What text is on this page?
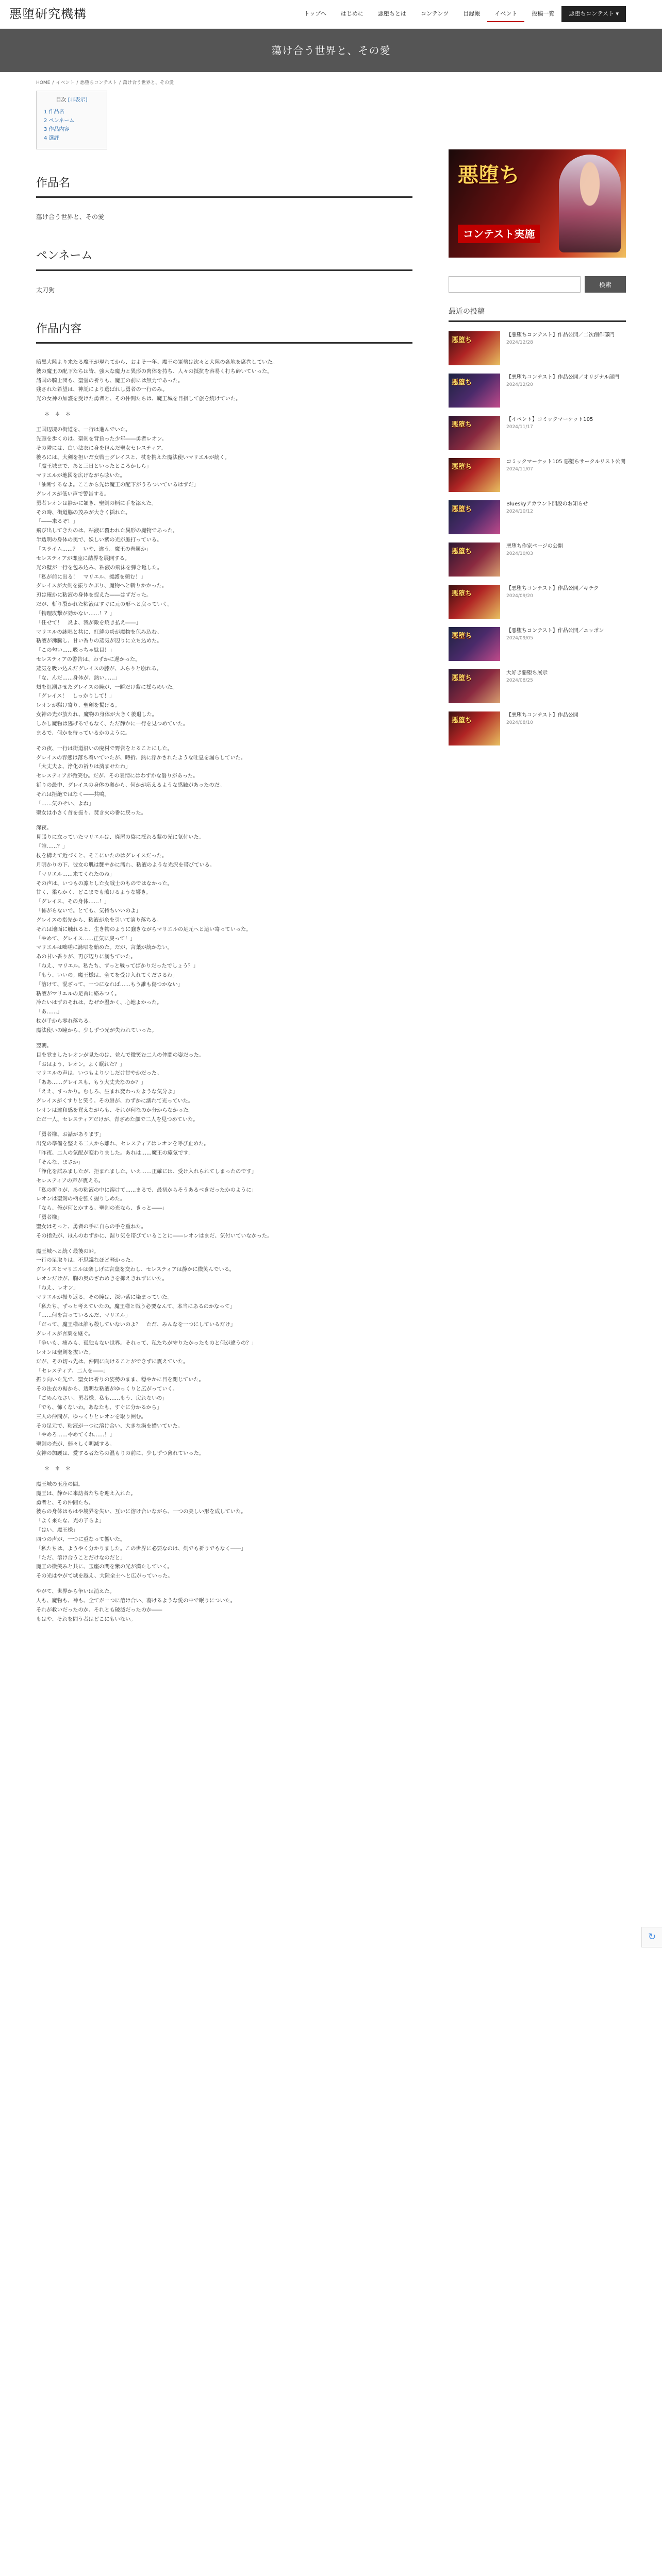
悪堕研究機構	トップへ	はじめに	悪堕ちとは	コンテンツ	目録帳	イベント	投稿一覧	悪堕ちコンテスト ▾
蕩け合う世界と、その愛
HOME / イベント / 悪堕ちコンテスト / 蕩け合う世界と、その愛
目次 [非表示]
1 作品名
2 ペンネーム
3 作品内容
4 選評
作品名
蕩け合う世界と、その愛
ペンネーム
太刀狗
作品内容

暗黒大陸より来たる魔王が現れてから、およそ一年。魔王の軍勢は次々と大陸の各地を席巻していた。

彼の魔王の配下たちは皆、強大な魔力と異形の肉体を持ち、人々の抵抗を容易く打ち砕いていった。

諸国の騎士団も、聖堂の祈りも、魔王の前には無力であった。

残された希望は、神託により選ばれし勇者の一行のみ。

光の女神の加護を受けた勇者と、その仲間たちは、魔王城を目指して旅を続けていた。

＊　＊　＊

王国辺境の街道を、一行は進んでいた。

先頭を歩くのは、聖剣を背負った少年――勇者レオン。

その隣には、白い法衣に身を包んだ聖女セレスティア。

後ろには、大剣を担いだ女戦士グレイスと、杖を携えた魔法使いマリエルが続く。

「魔王城まで、あと三日といったところかしら」

マリエルが地図を広げながら呟いた。

「油断するなよ。ここから先は魔王の配下がうろついているはずだ」

グレイスが低い声で警告する。

勇者レオンは静かに頷き、聖剣の柄に手を添えた。

その時、街道脇の茂みが大きく揺れた。

「――来るぞ！」

飛び出してきたのは、粘液に覆われた異形の魔物であった。

半透明の身体の奥で、妖しい紫の光が脈打っている。

「スライム……？　いや、違う。魔王の眷属か」

セレスティアが即座に結界を展開する。

光の壁が一行を包み込み、粘液の飛沫を弾き返した。

「私が前に出る！　マリエル、援護を頼む！」

グレイスが大剣を振りかぶり、魔物へと斬りかかった。

刃は確かに粘液の身体を捉えた――はずだった。

だが、斬り裂かれた粘液はすぐに元の形へと戻っていく。

「物理攻撃が効かない……！？」

「任せて！　炎よ、我が敵を焼き払え――」

マリエルの詠唱と共に、紅蓮の炎が魔物を包み込む。

粘液が沸騰し、甘い香りの蒸気が辺りに立ち込めた。

「この匂い……吸っちゃ駄目！」

セレスティアの警告は、わずかに遅かった。

蒸気を吸い込んだグレイスの膝が、ふらりと崩れる。

「な、んだ……身体が、熱い……」

頬を紅潮させたグレイスの瞳が、一瞬だけ紫に揺らめいた。

「グレイス！　しっかりして！」

レオンが駆け寄り、聖剣を掲げる。

女神の光が放たれ、魔物の身体が大きく後退した。

しかし魔物は逃げるでもなく、ただ静かに一行を見つめていた。

まるで、何かを待っているかのように。

その夜、一行は街道沿いの廃村で野営をとることにした。

グレイスの容態は落ち着いていたが、時折、熱に浮かされたような吐息を漏らしていた。

「大丈夫よ、浄化の祈りは済ませたわ」

セレスティアが微笑む。だが、その表情にはわずかな翳りがあった。

祈りの最中、グレイスの身体の奥から、何かが応えるような感触があったのだ。

それは拒絶ではなく――共鳴。

「……気のせい、よね」

聖女は小さく首を振り、焚き火の番に戻った。

深夜。

見張りに立っていたマリエルは、廃屋の陰に揺れる紫の光に気付いた。

「誰……？」

杖を構えて近づくと、そこにいたのはグレイスだった。

月明かりの下、彼女の肌は艶やかに濡れ、粘液のような光沢を帯びている。

「マリエル……来てくれたのね」

その声は、いつもの凛とした女戦士のものではなかった。

甘く、柔らかく、どこまでも蕩けるような響き。

「グレイス、その身体……！」

「怖がらないで。とても、気持ちいいのよ」

グレイスの指先から、粘液が糸を引いて滴り落ちる。

それは地面に触れると、生き物のように蠢きながらマリエルの足元へと這い寄っていった。

「やめて、グレイス……正気に戻って！」

マリエルは咄嗟に詠唱を始めた。だが、言葉が続かない。

あの甘い香りが、再び辺りに満ちていた。

「ねえ、マリエル。私たち、ずっと戦ってばかりだったでしょう？」

「もう、いいの。魔王様は、全てを受け入れてくださるわ」

「溶けて、混ざって、一つになれば……もう誰も傷つかない」

粘液がマリエルの足首に絡みつく。

冷たいはずのそれは、なぜか温かく、心地よかった。

「あ……」

杖が手から零れ落ちる。

魔法使いの瞳から、少しずつ光が失われていった。

翌朝。

目を覚ましたレオンが見たのは、並んで微笑む二人の仲間の姿だった。

「おはよう、レオン。よく眠れた？」

マリエルの声は、いつもより少しだけ甘やかだった。

「ああ……グレイスも、もう大丈夫なのか？」

「ええ、すっかり。むしろ、生まれ変わったような気分よ」

グレイスがくすりと笑う。その唇が、わずかに濡れて光っていた。

レオンは違和感を覚えながらも、それが何なのか分からなかった。

ただ一人、セレスティアだけが、青ざめた顔で二人を見つめていた。

「勇者様、お話があります」

出発の準備を整える二人から離れ、セレスティアはレオンを呼び止めた。

「昨夜、二人の気配が変わりました。あれは……魔王の瘴気です」

「そんな、まさか」

「浄化を試みましたが、拒まれました。いえ……正確には、受け入れられてしまったのです」

セレスティアの声が震える。

「私の祈りが、あの粘液の中に溶けて……まるで、最初からそうあるべきだったかのように」

レオンは聖剣の柄を強く握りしめた。

「なら、俺が何とかする。聖剣の光なら、きっと――」

「勇者様」

聖女はそっと、勇者の手に自らの手を重ねた。

その指先が、ほんのわずかに、湿り気を帯びていることに――レオンはまだ、気付いていなかった。

魔王城へと続く最後の峠。

一行の足取りは、不思議なほど軽かった。

グレイスとマリエルは楽しげに言葉を交わし、セレスティアは静かに微笑んでいる。

レオンだけが、胸の奥のざわめきを抑えきれずにいた。

「ねえ、レオン」

マリエルが振り返る。その瞳は、深い紫に染まっていた。

「私たち、ずっと考えていたの。魔王様と戦う必要なんて、本当にあるのかなって」

「……何を言っているんだ、マリエル」

「だって、魔王様は誰も殺していないのよ？　ただ、みんなを一つにしているだけ」

グレイスが言葉を継ぐ。

「争いも、痛みも、孤独もない世界。それって、私たちが守りたかったものと何が違うの？」

レオンは聖剣を抜いた。

だが、その切っ先は、仲間に向けることができずに震えていた。

「セレスティア、二人を――」

振り向いた先で、聖女は祈りの姿勢のまま、穏やかに目を閉じていた。

その法衣の裾から、透明な粘液がゆっくりと広がっていく。

「ごめんなさい、勇者様。私も……もう、戻れないの」

「でも、怖くないわ。あなたも、すぐに分かるから」

三人の仲間が、ゆっくりとレオンを取り囲む。

その足元で、粘液が一つに溶け合い、大きな渦を描いていた。

「やめろ……やめてくれ……！」

聖剣の光が、弱々しく明滅する。

女神の加護は、愛する者たちの温もりの前に、少しずつ薄れていった。

＊　＊　＊

魔王城の玉座の間。

魔王は、静かに来訪者たちを迎え入れた。

勇者と、その仲間たち。

彼らの身体はもはや境界を失い、互いに溶け合いながら、一つの美しい形を成していた。

「よく来たな、光の子らよ」

「はい、魔王様」

四つの声が、一つに重なって響いた。

「私たちは、ようやく分かりました。この世界に必要なのは、剣でも祈りでもなく――」

「ただ、溶け合うことだけなのだと」

魔王の微笑みと共に、玉座の間を紫の光が満たしていく。

その光はやがて城を越え、大陸全土へと広がっていった。

やがて、世界から争いは消えた。

人も、魔物も、神も、全てが一つに溶け合い、蕩けるような愛の中で眠りについた。

それが救いだったのか、それとも破滅だったのか――

もはや、それを問う者はどこにもいない。

悪堕ち
コンテスト実施
検索
最近の投稿
悪堕ち
【悪堕ちコンテスト】作品公開／二次創作部門
2024/12/28
悪堕ち
【悪堕ちコンテスト】作品公開／オリジナル部門
2024/12/20
悪堕ち
【イベント】コミックマーケット105
2024/11/17
悪堕ち
コミックマーケット105 悪堕ちサークルリスト公開
2024/11/07
悪堕ち
Blueskyアカウント開設のお知らせ
2024/10/12
悪堕ち
悪堕ち作家ページの公開
2024/10/03
悪堕ち
【悪堕ちコンテスト】作品公開／キチク
2024/09/20
悪堕ち
【悪堕ちコンテスト】作品公開／ニッポン
2024/09/05
悪堕ち
大好き悪堕ち展示
2024/08/25
悪堕ち
【悪堕ちコンテスト】作品公開
2024/08/10
↻
